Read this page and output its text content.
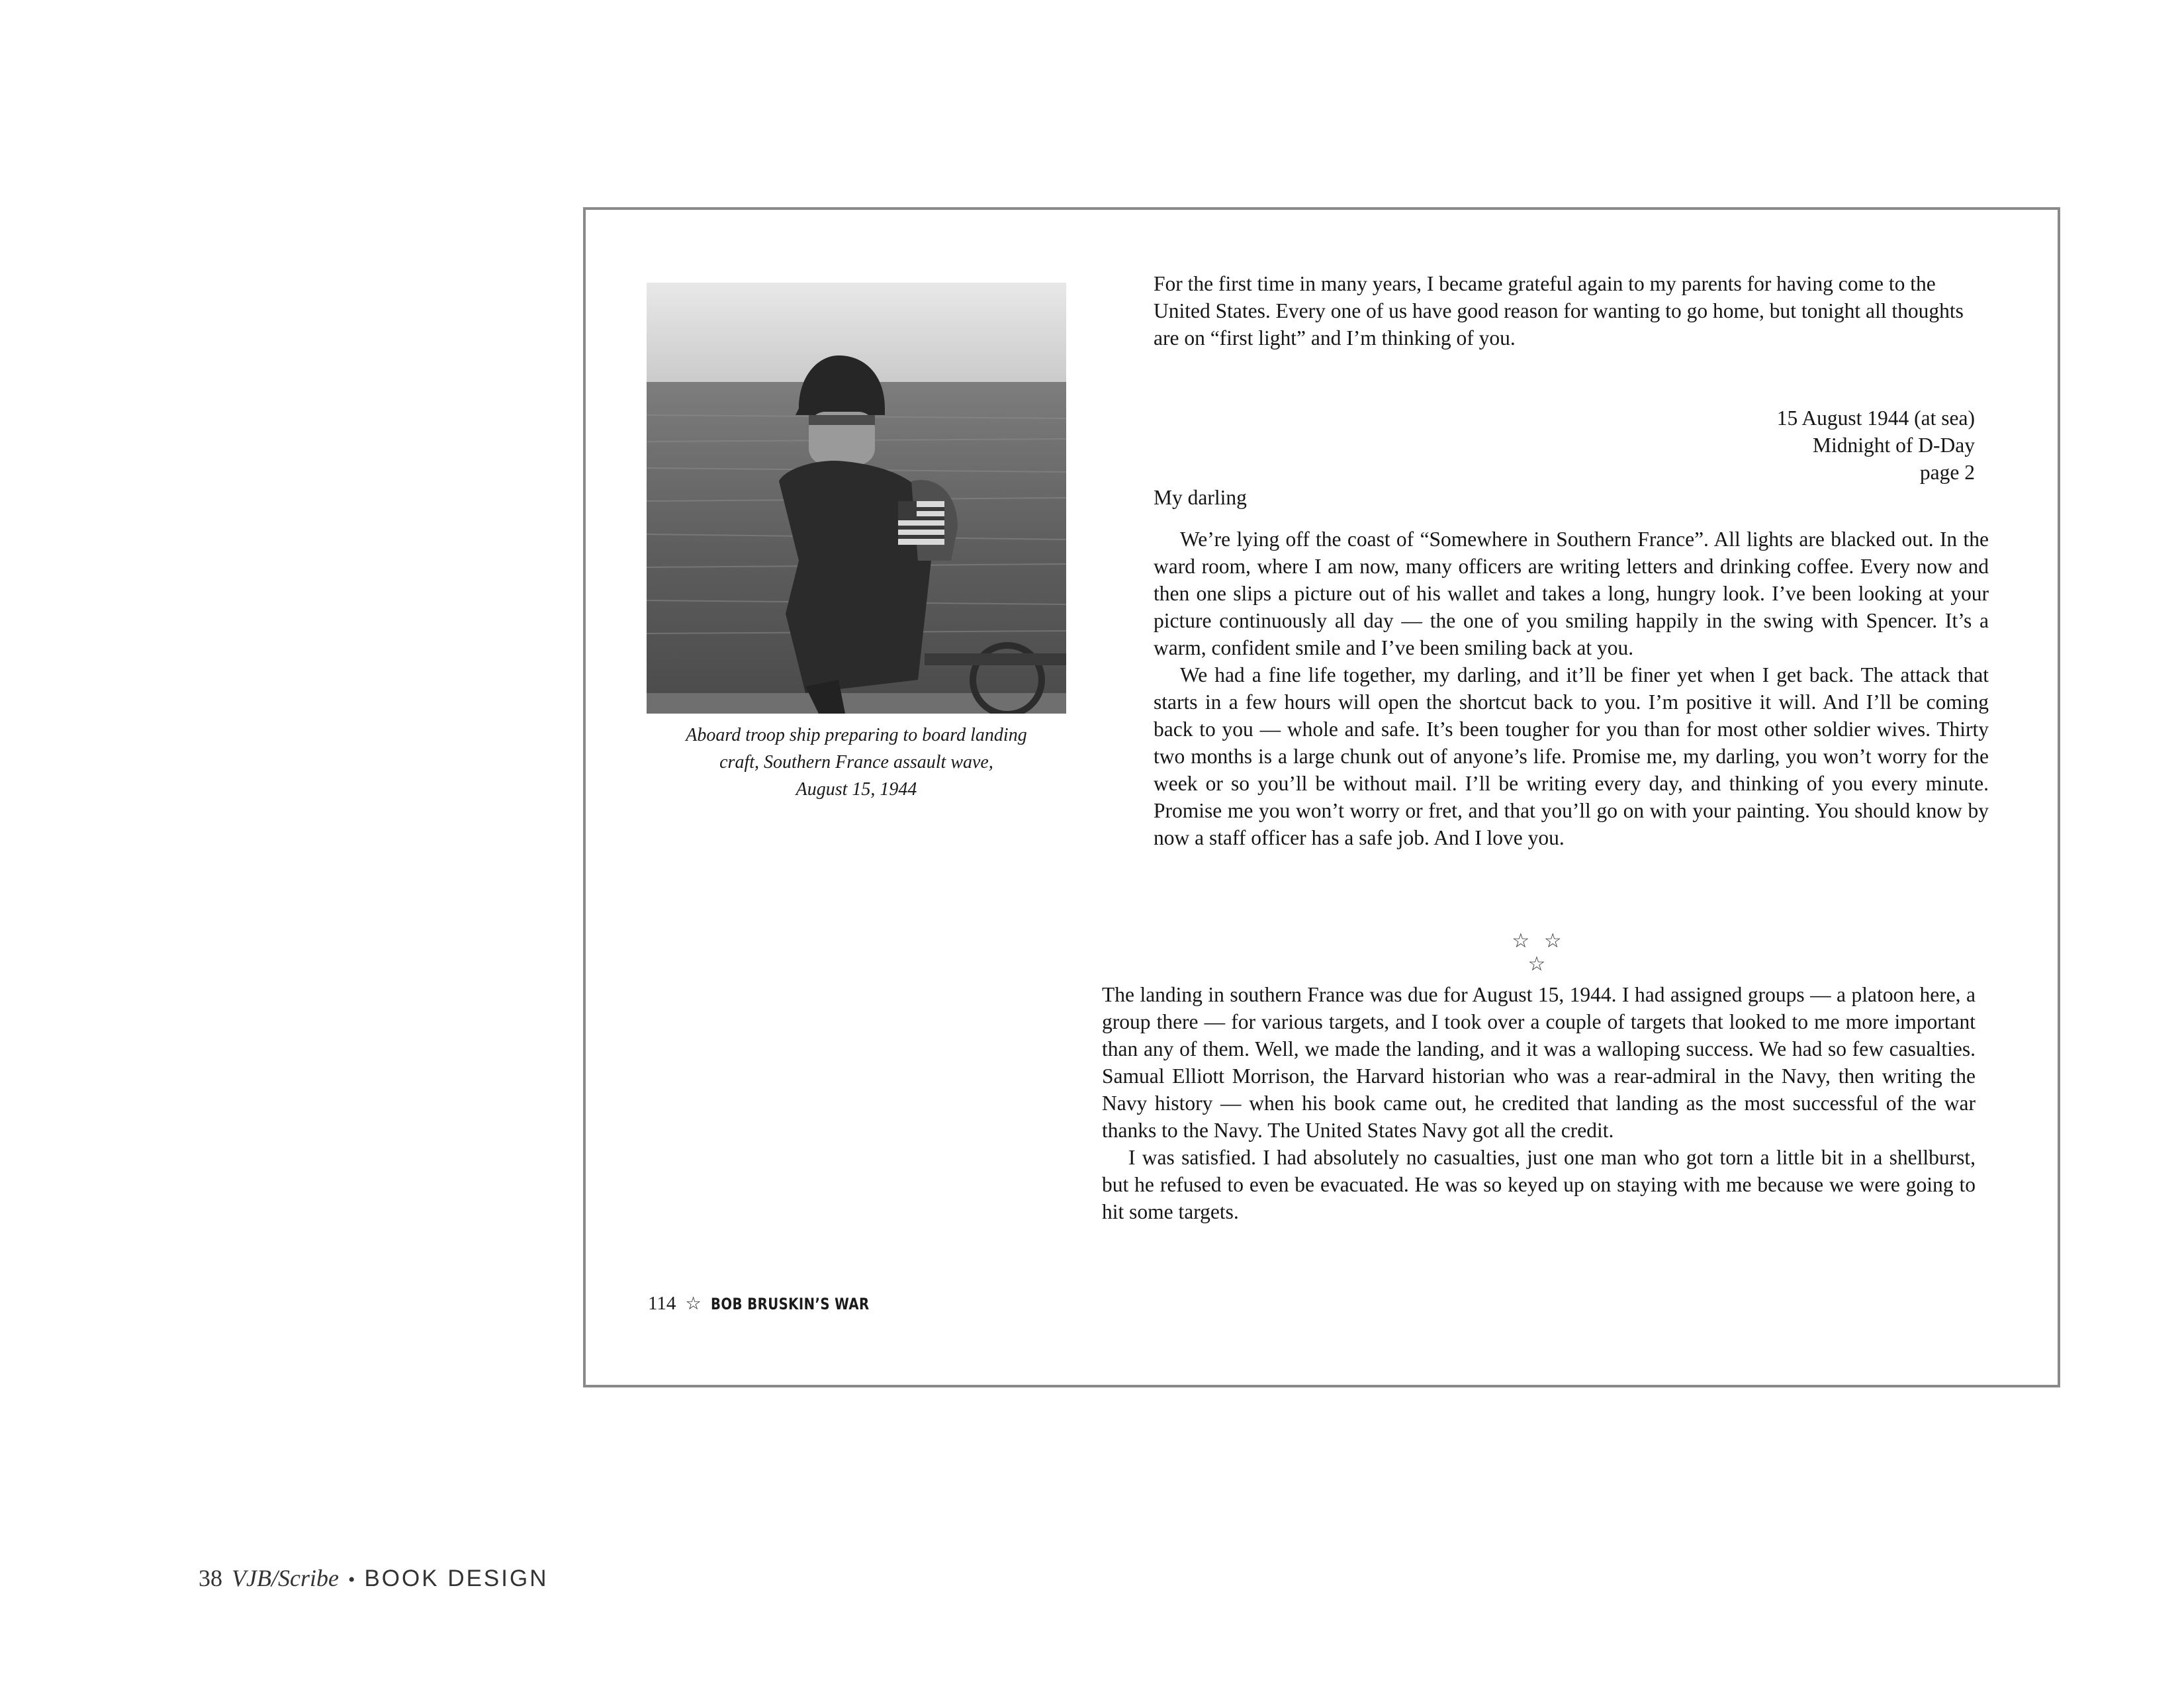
Aboard troop ship preparing to board landing
craft, Southern France assault wave,
August 15, 1944
For the first time in many years, I became grateful again to my parents for having come to the United States. Every one of us have good reason for wanting to go home, but tonight all thoughts are on “first light” and I’m thinking of you.
15 August 1944 (at sea)
Midnight of D-Day
page 2
My darling

We’re lying off the coast of “Somewhere in Southern France”. All lights are blacked out. In the ward room, where I am now, many officers are writing letters and drinking coffee. Every now and then one slips a picture out of his wallet and takes a long, hungry look. I’ve been looking at your picture continuously all day — the one of you smiling happily in the swing with Spencer. It’s a warm, confident smile and I’ve been smiling back at you.

We had a fine life together, my darling, and it’ll be finer yet when I get back. The attack that starts in a few hours will open the shortcut back to you. I’m positive it will. And I’ll be coming back to you — whole and safe. It’s been tougher for you than for most other soldier wives. Thirty two months is a large chunk out of anyone’s life. Promise me, my darling, you won’t worry for the week or so you’ll be without mail. I’ll be writing every day, and thinking of you every minute. Promise me you won’t worry or fret, and that you’ll go on with your painting. You should know by now a staff officer has a safe job. And I love you.

☆ ☆ ☆

The landing in southern France was due for August 15, 1944. I had assigned groups — a platoon here, a group there — for various targets, and I took over a couple of targets that looked to me more important than any of them. Well, we made the landing, and it was a walloping success. We had so few casualties. Samual Elliott Morrison, the Harvard historian who was a rear-admiral in the Navy, then writing the Navy history — when his book came out, he credited that landing as the most successful of the war thanks to the Navy. The United States Navy got all the credit.

I was satisfied. I had absolutely no casualties, just one man who got torn a little bit in a shellburst, but he refused to even be evacuated. He was so keyed up on staying with me because we were going to hit some targets.

114 ☆ BOB BRUSKIN’S WAR
38 VJB/Scribe • BOOK DESIGN
